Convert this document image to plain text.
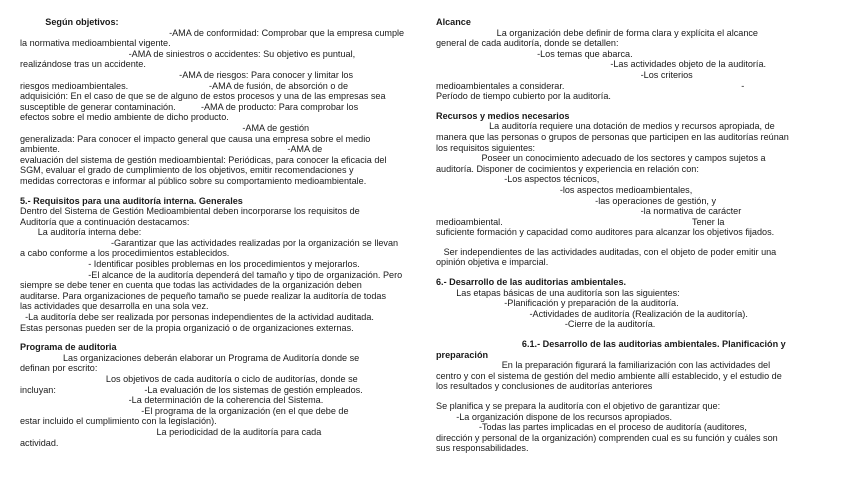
Según objetivos:

-AMA de conformidad: Comprobar que la empresa cumple
la normativa medioambiental vigente.
-AMA de siniestros o accidentes: Su objetivo es puntual,
realizándose tras un accidente.
-AMA de riesgos: Para conocer y limitar los
riesgos medioambientales.                                -AMA de fusión, de absorción o de
adquisición: En el caso de que se de alguno de estos procesos y una de las empresas sea
susceptible de generar contaminación.          -AMA de producto: Para comprobar los
efectos sobre el medio ambiente de dicho producto.
-AMA de gestión
generalizada: Para conocer el impacto general que causa una empresa sobre el medio
ambiente.                                                                                          -AMA de
evaluación del sistema de gestión medioambiental: Periódicas, para conocer la eficacia del
SGM, evaluar el grado de cumplimiento de los objetivos, emitir recomendaciones y
medidas correctoras e informar al público sobre su comportamiento medioambientale.

5.- Requisitos para una auditoría interna. Generales

Dentro del Sistema de Gestión Medioambiental deben incorporarse los requisitos de
Auditoría que a continuación destacamos:
La auditoría interna debe:
-Garantizar que las actividades realizadas por la organización se llevan
a cabo conforme a los procedimientos establecidos.
- Identificar posibles problemas en los procedimientos y mejorarlos.
-El alcance de la auditoría dependerá del tamaño y tipo de organización. Pero
siempre se debe tener en cuenta que todas las actividades de la organización deben
auditarse. Para organizaciones de pequeño tamaño se puede realizar la auditoría de todas
las actividades que desarrolla en una sola vez.
-La auditoría debe ser realizada por personas independientes de la actividad auditada.
Estas personas pueden ser de la propia organizació o de organizaciones externas.

Programa de auditoria

Las organizaciones deberán elaborar un Programa de Auditoría donde se
definan por escrito:
Los objetivos de cada auditoría o ciclo de auditorías, donde se
incluyan:                                   -La evaluación de los sistemas de gestión empleados.
-La determinación de la coherencia del Sistema.
-El programa de la organización (en el que debe de
estar incluido el cumplimiento con la legislación).
La periodicidad de la auditoría para cada
actividad.

Alcance

La organización debe definir de forma clara y explícita el alcance
general de cada auditoría, donde se detallen:
-Los temas que abarca.
-Las actividades objeto de la auditoría.
-Los criterios
medioambientales a considerar.                                                                      -
Período de tiempo cubierto por la auditoría.

Recursos y medios necesarios

La auditoría requiere una dotación de medios y recursos apropiada, de
manera que las personas o grupos de personas que participen en las auditorías reúnan
los requisitos siguientes:
Poseer un conocimiento adecuado de los sectores y campos sujetos a
auditoría. Disponer de cocimientos y experiencia en relación con:
-Los aspectos técnicos,
-los aspectos medioambientales,
-las operaciones de gestión, y
-la normativa de carácter
medioambiental.                                                                           Tener la
suficiente formación y capacidad como auditores para alcanzar los objetivos fijados.

Ser independientes de las actividades auditadas, con el objeto de poder emitir una
opinión objetiva e imparcial.

6.- Desarrollo de las auditorias ambientales.

Las etapas básicas de una auditoría son las siguientes:
-Planificación y preparación de la auditoría.
-Actividades de auditoría (Realización de la auditoría).
-Cierre de la auditoría.

6.1.- Desarrollo de las auditorias ambientales. Planificación y
preparación

En la preparación figurará la familiarización con las actividades del
centro y con el sistema de gestión del medio ambiente allí establecido, y el estudio de
los resultados y conclusiones de auditorías anteriores

Se planifica y se prepara la auditoría con el objetivo de garantizar que:
-La organización dispone de los recursos apropiados.
-Todas las partes implicadas en el proceso de auditoría (auditores,
dirección y personal de la organización) comprenden cual es su función y cuáles son
sus responsabilidades.
